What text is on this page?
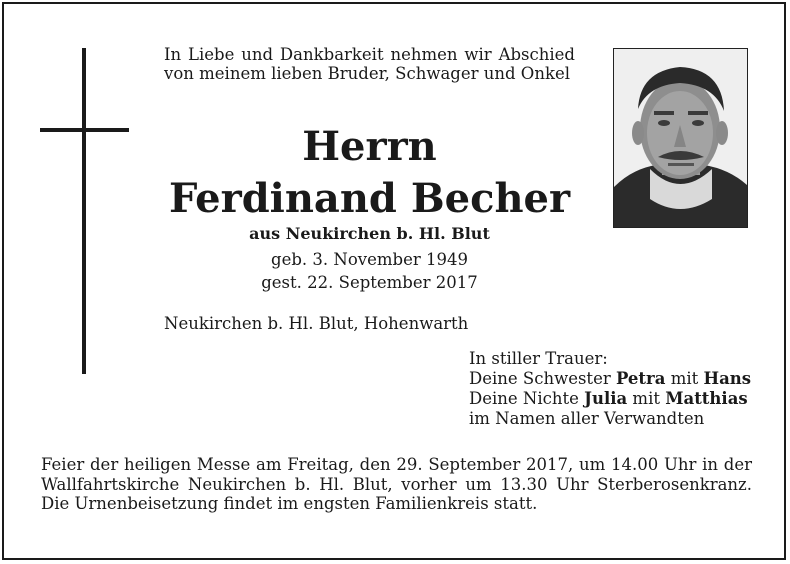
In Liebe und Dankbarkeit nehmen wir Abschied von meinem lieben Bruder, Schwager und Onkel

Herrn
Ferdinand Becher
aus Neukirchen b. Hl. Blut
geb. 3. November 1949
gest. 22. September 2017
Neukirchen b. Hl. Blut, Hohenwarth
In stiller Trauer:
Deine Schwester Petra mit Hans
Deine Nichte Julia mit Matthias
im Namen aller Verwandten

Feier der heiligen Messe am Freitag, den 29. September 2017, um 14.00 Uhr in der Wallfahrtskirche Neukirchen b. Hl. Blut, vorher um 13.30 Uhr Sterberosenkranz. Die Urnenbeisetzung findet im engsten Familienkreis statt.
